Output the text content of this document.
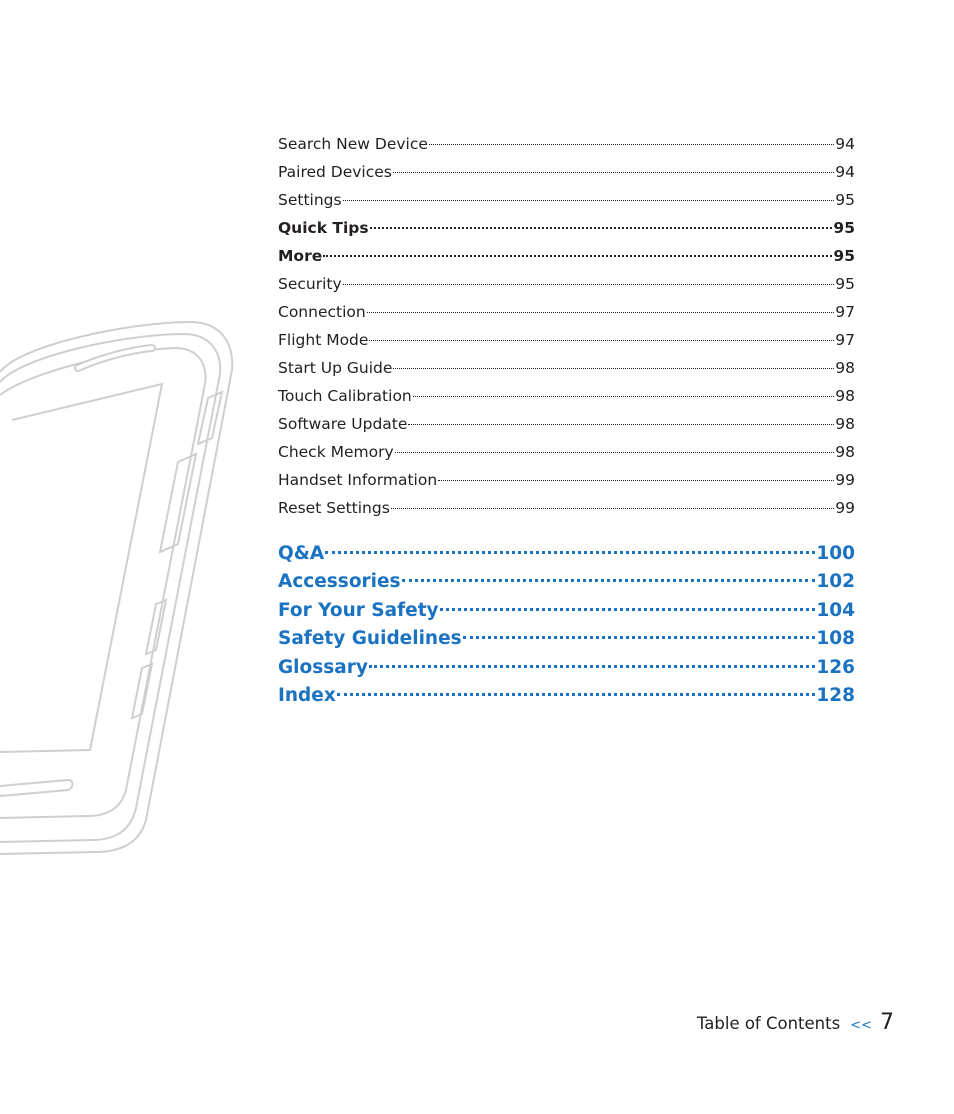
Search New Device	94
Paired Devices	94
Settings	95
Quick Tips	95
More	95
Security	95
Connection	97
Flight Mode	97
Start Up Guide	98
Touch Calibration	98
Software Update	98
Check Memory	98
Handset Information	99
Reset Settings	99
Q&A	100
Accessories	102
For Your Safety	104
Safety Guidelines	108
Glossary	126
Index	128
Table of Contents << 7
